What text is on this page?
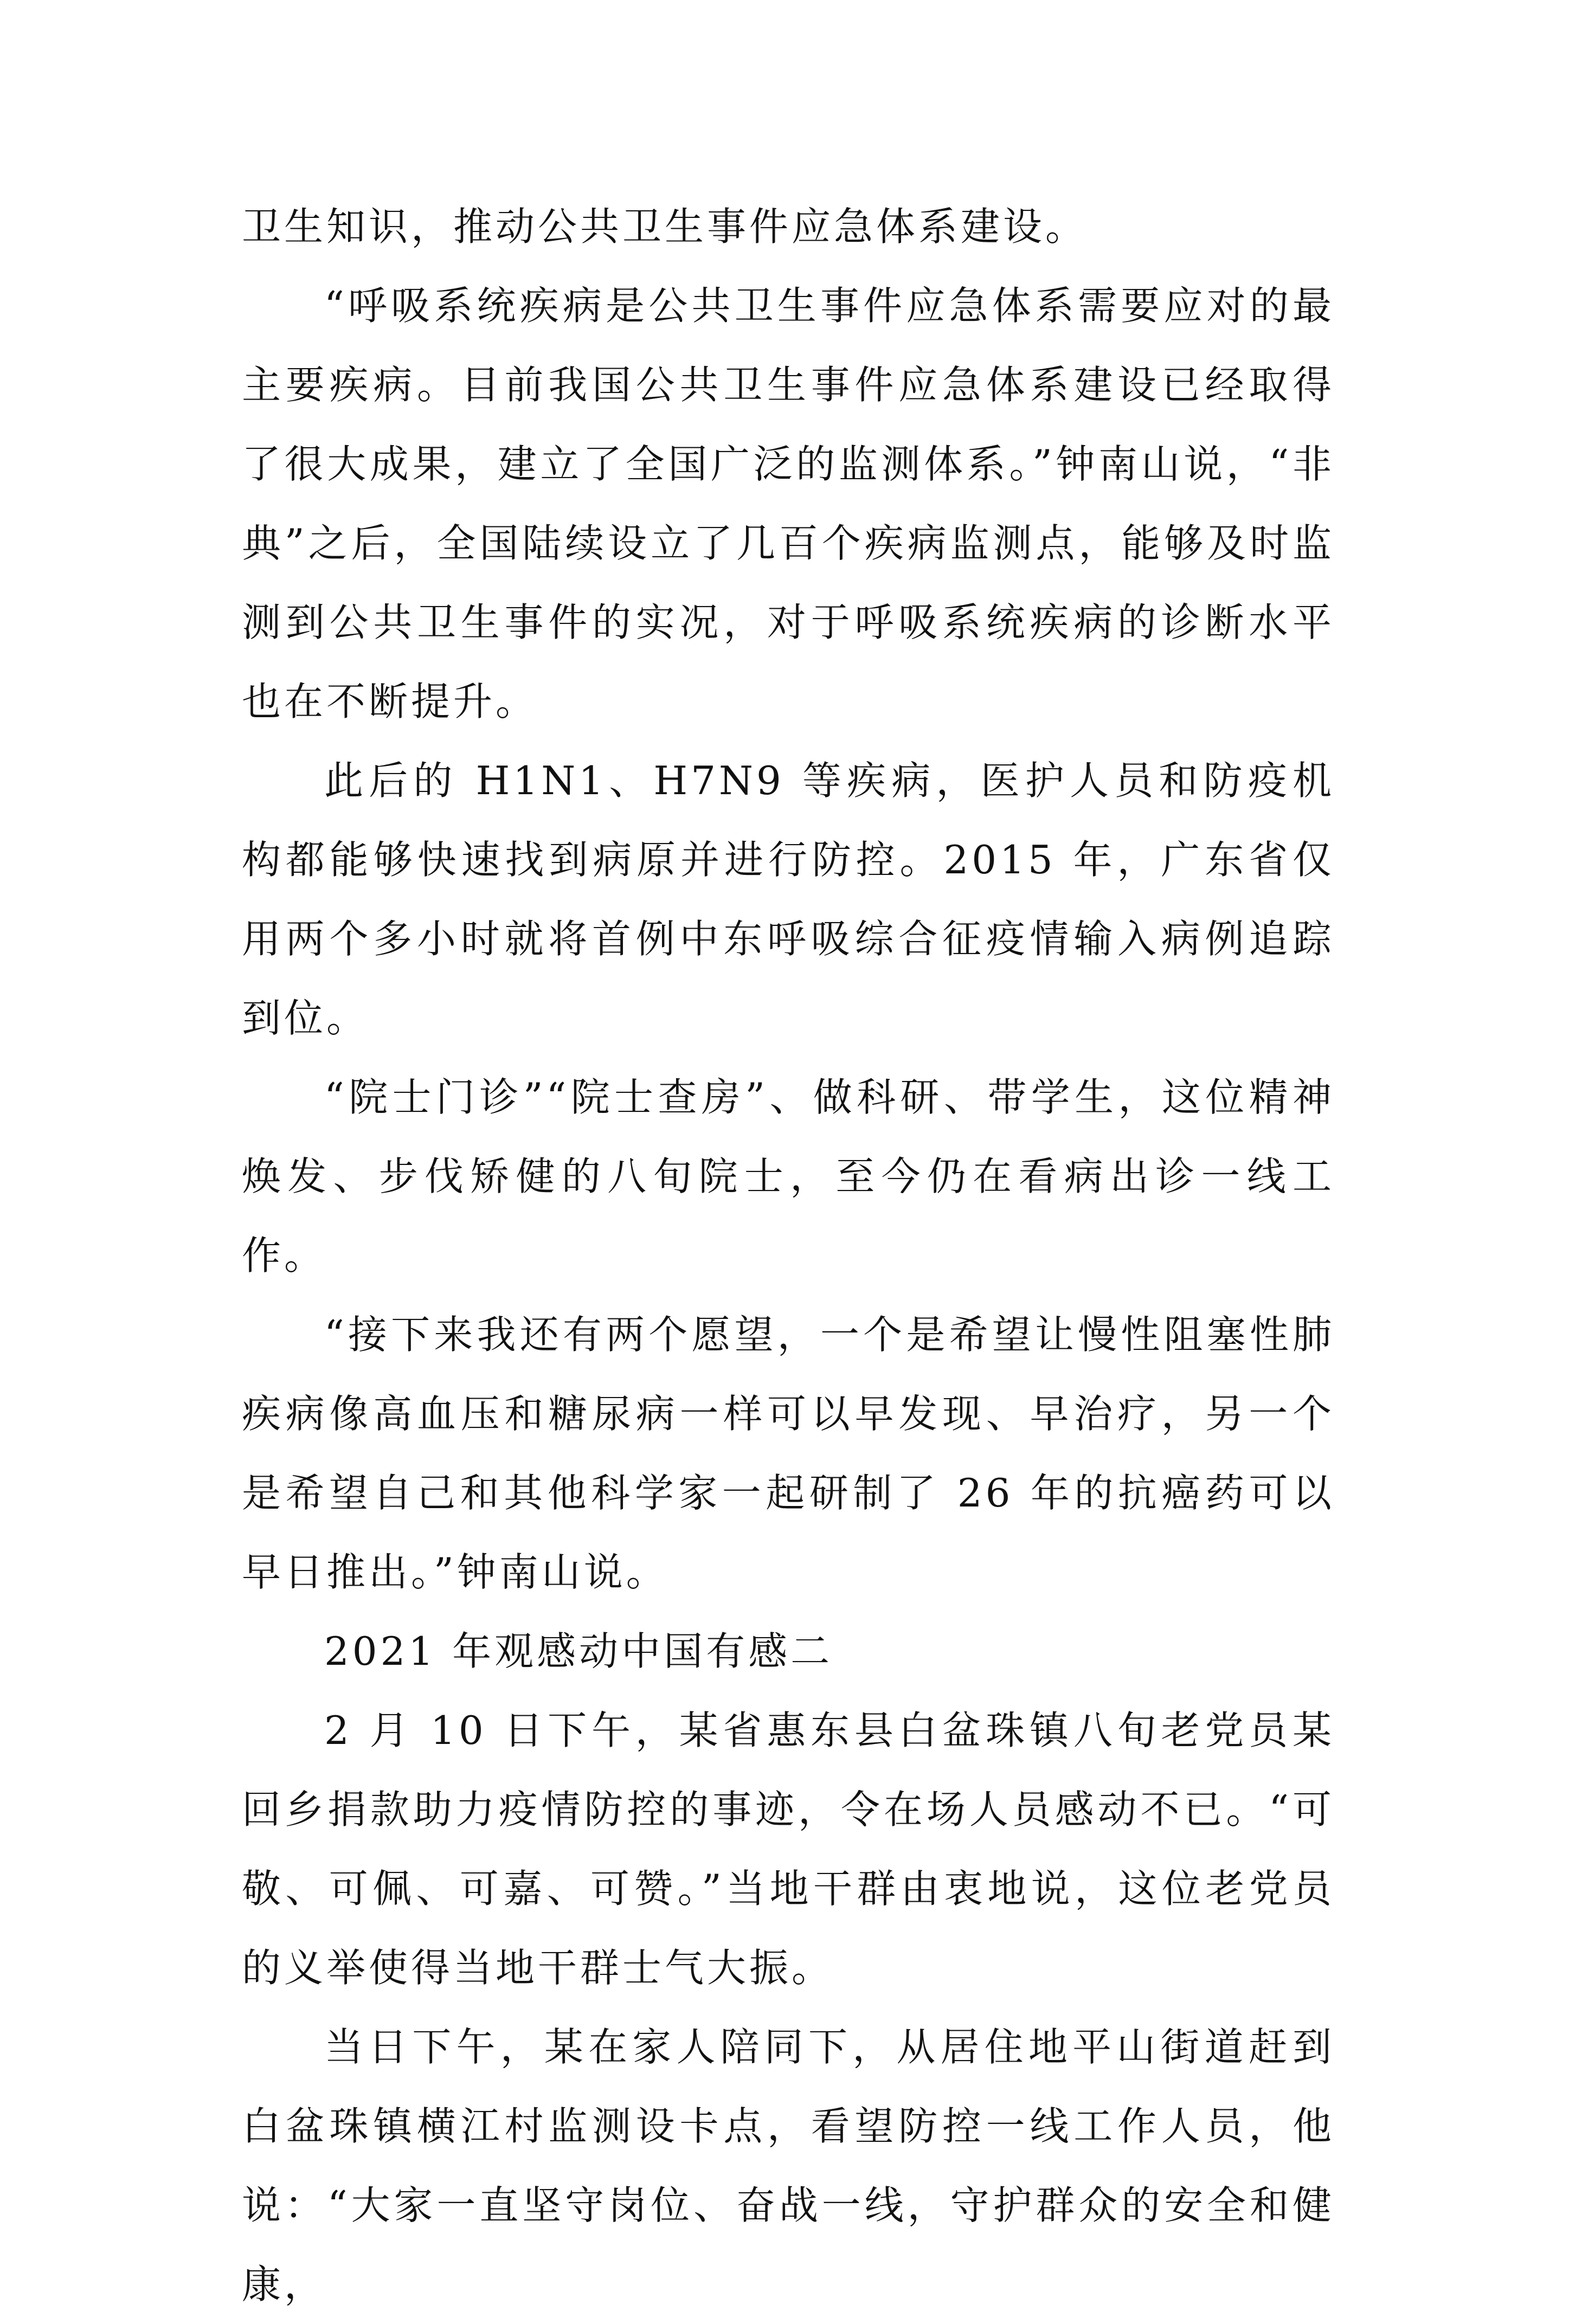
卫生知识，推动公共卫生事件应急体系建设。

“呼吸系统疾病是公共卫生事件应急体系需要应对的最主要疾病。目前我国公共卫生事件应急体系建设已经取得了很大成果，建立了全国广泛的监测体系。”钟南山说，“非典”之后，全国陆续设立了几百个疾病监测点，能够及时监测到公共卫生事件的实况，对于呼吸系统疾病的诊断水平也在不断提升。

此后的 H1N1、H7N9 等疾病，医护人员和防疫机构都能够快速找到病原并进行防控。2015 年，广东省仅用两个多小时就将首例中东呼吸综合征疫情输入病例追踪到位。

“院士门诊”“院士查房”、做科研、带学生，这位精神焕发、步伐矫健的八旬院士，至今仍在看病出诊一线工作。

“接下来我还有两个愿望，一个是希望让慢性阻塞性肺疾病像高血压和糖尿病一样可以早发现、早治疗，另一个是希望自己和其他科学家一起研制了 26 年的抗癌药可以早日推出。”钟南山说。

2021 年观感动中国有感二

2 月 10 日下午，某省惠东县白盆珠镇八旬老党员某回乡捐款助力疫情防控的事迹，令在场人员感动不已。“可敬、可佩、可嘉、可赞。”当地干群由衷地说，这位老党员的义举使得当地干群士气大振。

当日下午，某在家人陪同下，从居住地平山街道赶到白盆珠镇横江村监测设卡点，看望防控一线工作人员，他说：“大家一直坚守岗位、奋战一线，守护群众的安全和健康，
